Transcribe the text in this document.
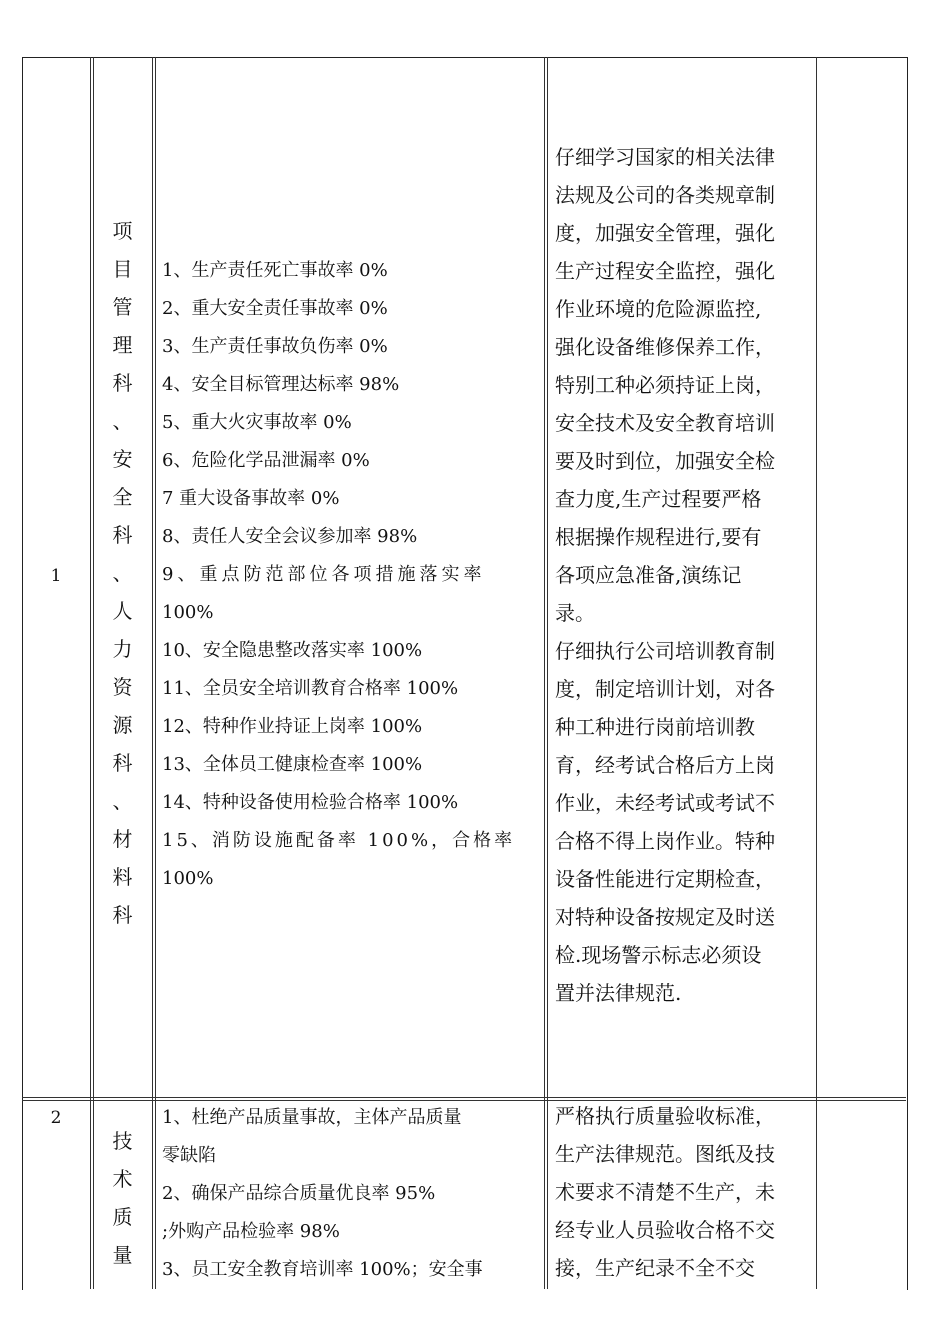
1
项
目
管
理
科
、
安
全
科
、
人
力
资
源
科
、
材
料
科
1、生产责任死亡事故率 0%
2、重大安全责任事故率 0%
3、生产责任事故负伤率 0%
4、安全目标管理达标率 98%
5、重大火灾事故率 0%
6、危险化学品泄漏率 0%
7 重大设备事故率 0%
8、责任人安全会议参加率 98%
9、重点防范部位各项措施落实率
100%
10、安全隐患整改落实率 100%
11、全员安全培训教育合格率 100%
12、特种作业持证上岗率 100%
13、全体员工健康检查率 100%
14、特种设备使用检验合格率 100%
15、消防设施配备率 100%，合格率
100%
仔细学习国家的相关法律
法规及公司的各类规章制
度，加强安全管理，强化
生产过程安全监控，强化
作业环境的危险源监控,
强化设备维修保养工作，
特别工种必须持证上岗，
安全技术及安全教育培训
要及时到位，加强安全检
查力度,生产过程要严格
根据操作规程进行,要有
各项应急准备,演练记
录。
仔细执行公司培训教育制
度，制定培训计划，对各
种工种进行岗前培训教
育，经考试合格后方上岗
作业，未经考试或考试不
合格不得上岗作业。特种
设备性能进行定期检查，
对特种设备按规定及时送
检.现场警示标志必须设
置并法律规范.
2
技
术
质
量
1、杜绝产品质量事故，主体产品质量
零缺陷
2、确保产品综合质量优良率 95%
;外购产品检验率 98%
3、员工安全教育培训率 100%；安全事
严格执行质量验收标准，
生产法律规范。图纸及技
术要求不清楚不生产，未
经专业人员验收合格不交
接，生产纪录不全不交
